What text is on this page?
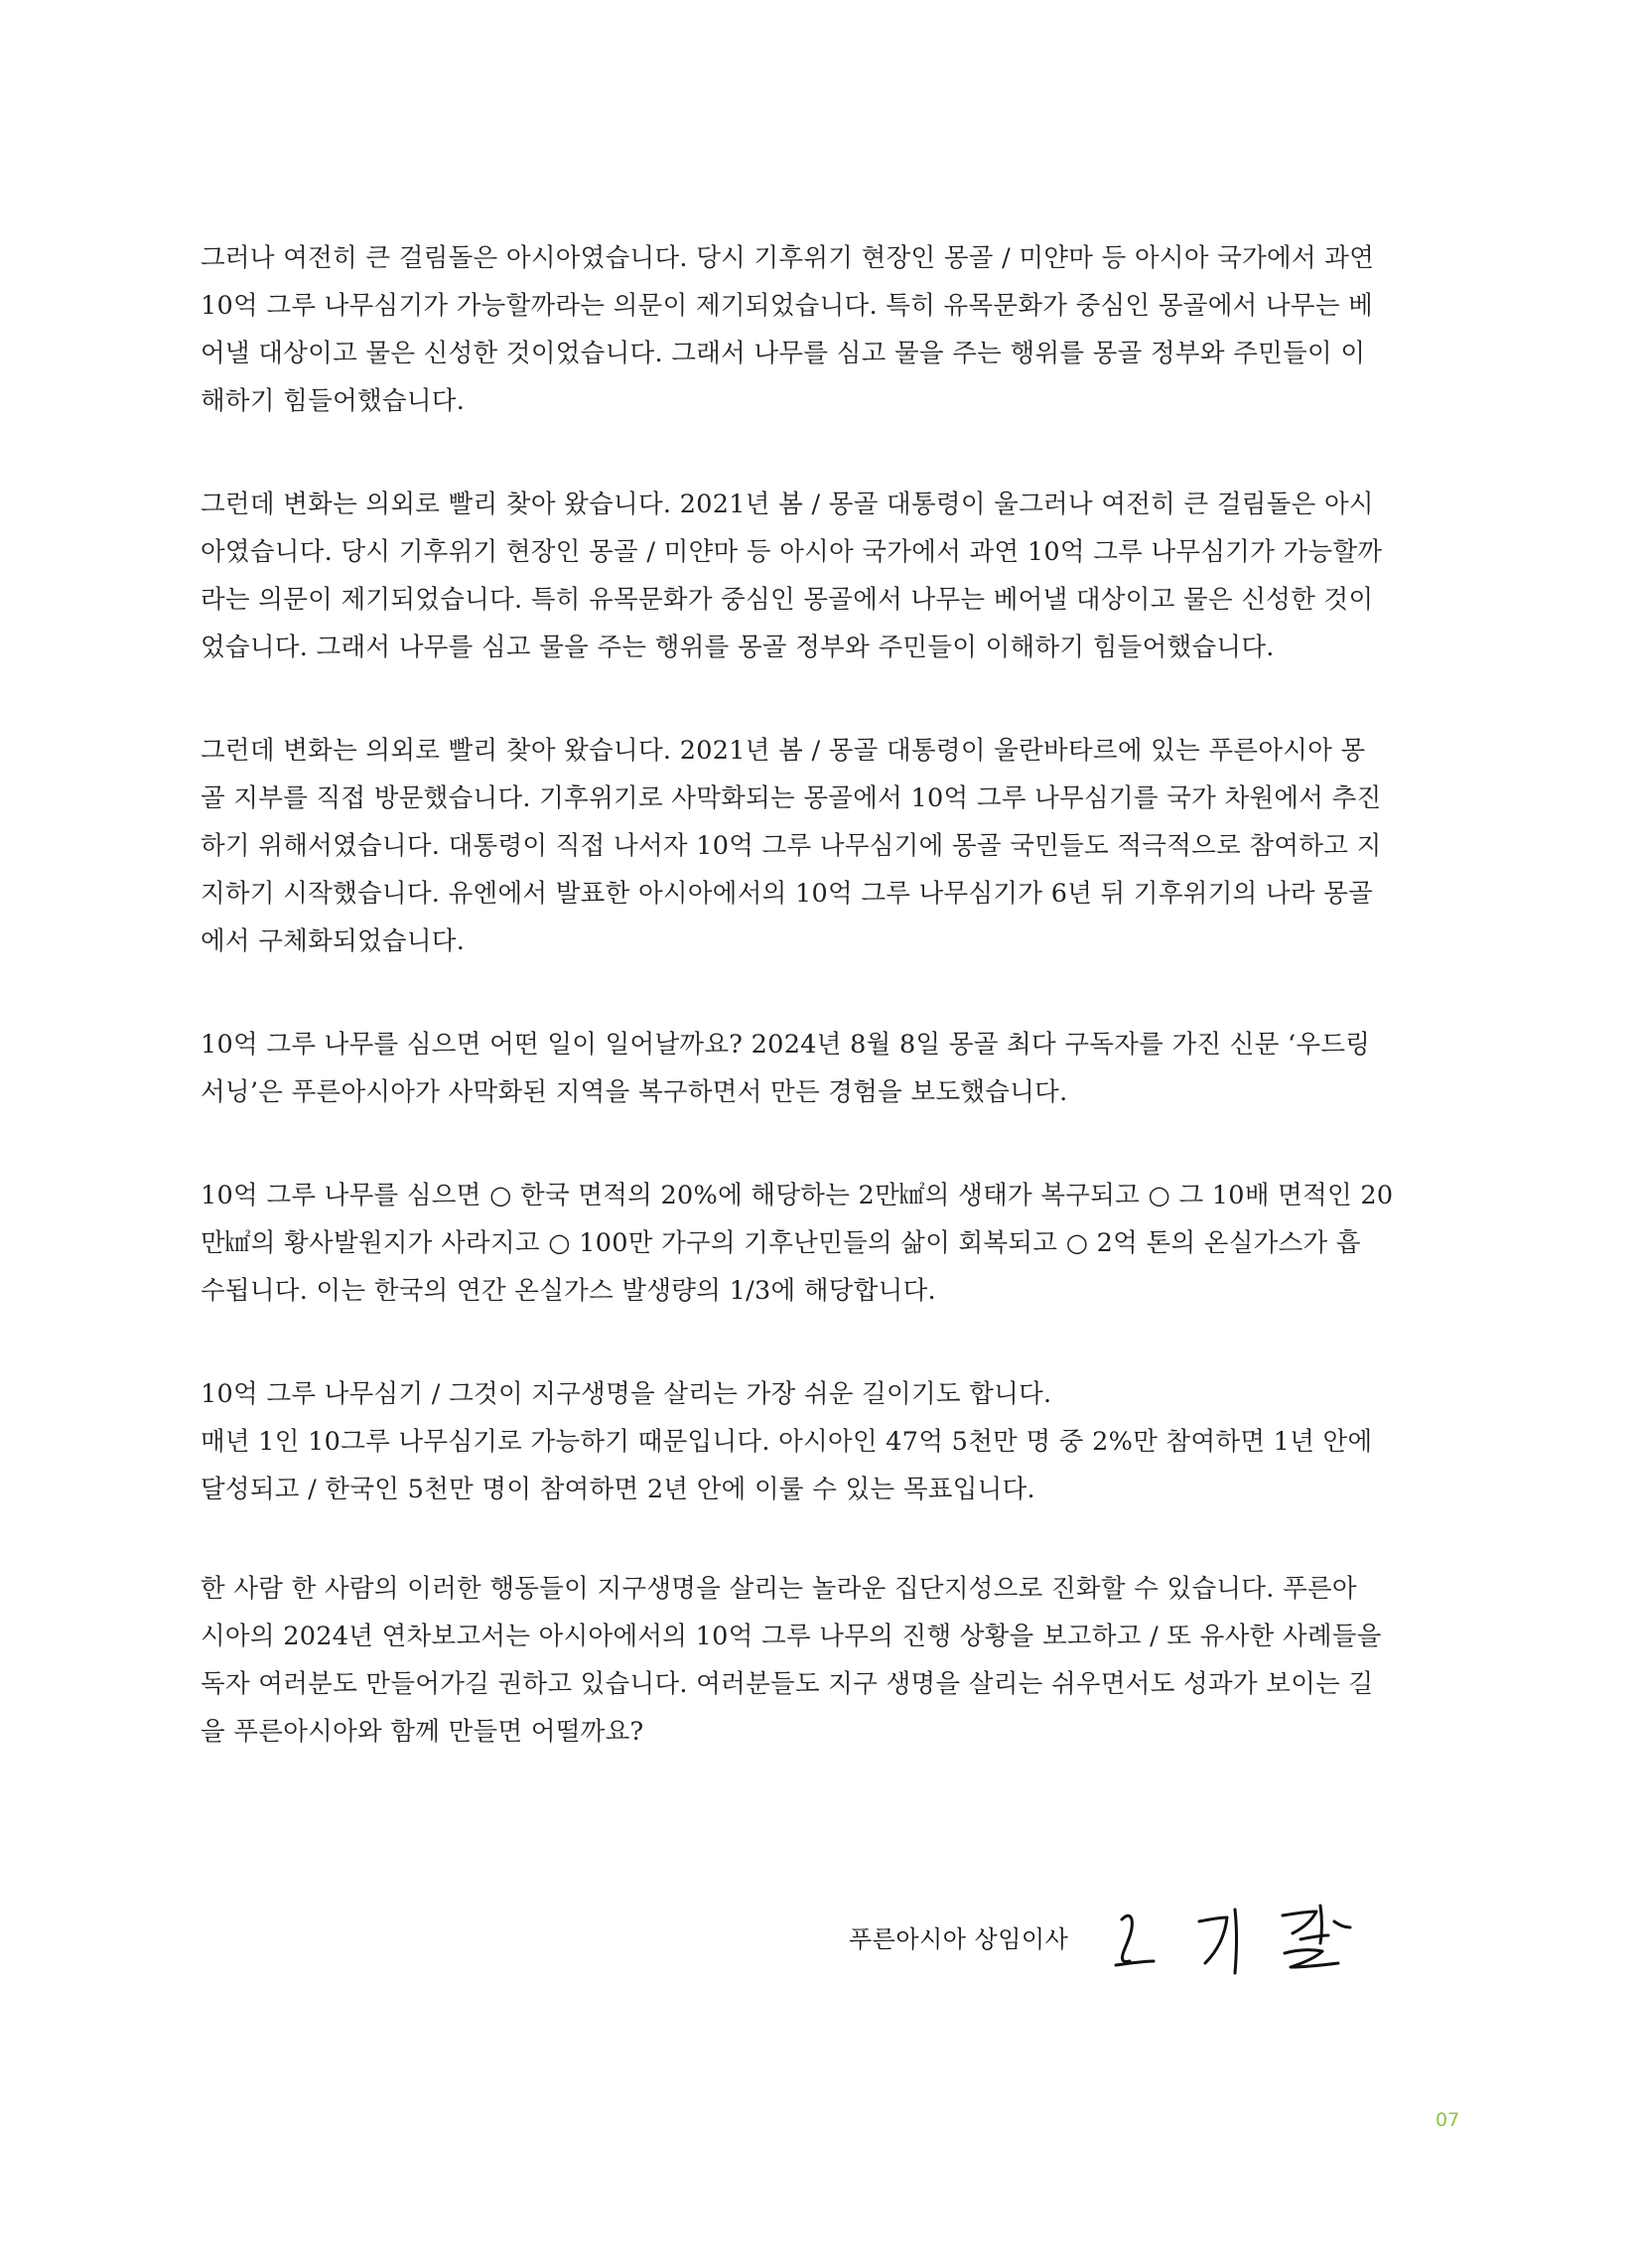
그러나 여전히 큰 걸림돌은 아시아였습니다. 당시 기후위기 현장인 몽골 / 미얀마 등 아시아 국가에서 과연
10억 그루 나무심기가 가능할까라는 의문이 제기되었습니다. 특히 유목문화가 중심인 몽골에서 나무는 베
어낼 대상이고 물은 신성한 것이었습니다. 그래서 나무를 심고 물을 주는 행위를 몽골 정부와 주민들이 이
해하기 힘들어했습니다.

그런데 변화는 의외로 빨리 찾아 왔습니다. 2021년 봄 / 몽골 대통령이 울그러나 여전히 큰 걸림돌은 아시
아였습니다. 당시 기후위기 현장인 몽골 / 미얀마 등 아시아 국가에서 과연 10억 그루 나무심기가 가능할까
라는 의문이 제기되었습니다. 특히 유목문화가 중심인 몽골에서 나무는 베어낼 대상이고 물은 신성한 것이
었습니다. 그래서 나무를 심고 물을 주는 행위를 몽골 정부와 주민들이 이해하기 힘들어했습니다.

그런데 변화는 의외로 빨리 찾아 왔습니다. 2021년 봄 / 몽골 대통령이 울란바타르에 있는 푸른아시아 몽
골 지부를 직접 방문했습니다. 기후위기로 사막화되는 몽골에서 10억 그루 나무심기를 국가 차원에서 추진
하기 위해서였습니다. 대통령이 직접 나서자 10억 그루 나무심기에 몽골 국민들도 적극적으로 참여하고 지
지하기 시작했습니다. 유엔에서 발표한 아시아에서의 10억 그루 나무심기가 6년 뒤 기후위기의 나라 몽골
에서 구체화되었습니다.

10억 그루 나무를 심으면 어떤 일이 일어날까요? 2024년 8월 8일 몽골 최다 구독자를 가진 신문 ‘우드링
서닝’은 푸른아시아가 사막화된 지역을 복구하면서 만든 경험을 보도했습니다.

10억 그루 나무를 심으면 ○ 한국 면적의 20%에 해당하는 2만㎢의 생태가 복구되고 ○ 그 10배 면적인 20
만㎢의 황사발원지가 사라지고 ○ 100만 가구의 기후난민들의 삶이 회복되고 ○ 2억 톤의 온실가스가 흡
수됩니다. 이는 한국의 연간 온실가스 발생량의 1/3에 해당합니다.

10억 그루 나무심기 / 그것이 지구생명을 살리는 가장 쉬운 길이기도 합니다.
매년 1인 10그루 나무심기로 가능하기 때문입니다. 아시아인 47억 5천만 명 중 2%만 참여하면 1년 안에
달성되고 / 한국인 5천만 명이 참여하면 2년 안에 이룰 수 있는 목표입니다.

한 사람 한 사람의 이러한 행동들이 지구생명을 살리는 놀라운 집단지성으로 진화할 수 있습니다. 푸른아
시아의 2024년 연차보고서는 아시아에서의 10억 그루 나무의 진행 상황을 보고하고 / 또 유사한 사례들을
독자 여러분도 만들어가길 권하고 있습니다. 여러분들도 지구 생명을 살리는 쉬우면서도 성과가 보이는 길
을 푸른아시아와 함께 만들면 어떨까요?

푸른아시아 상임이사
07
